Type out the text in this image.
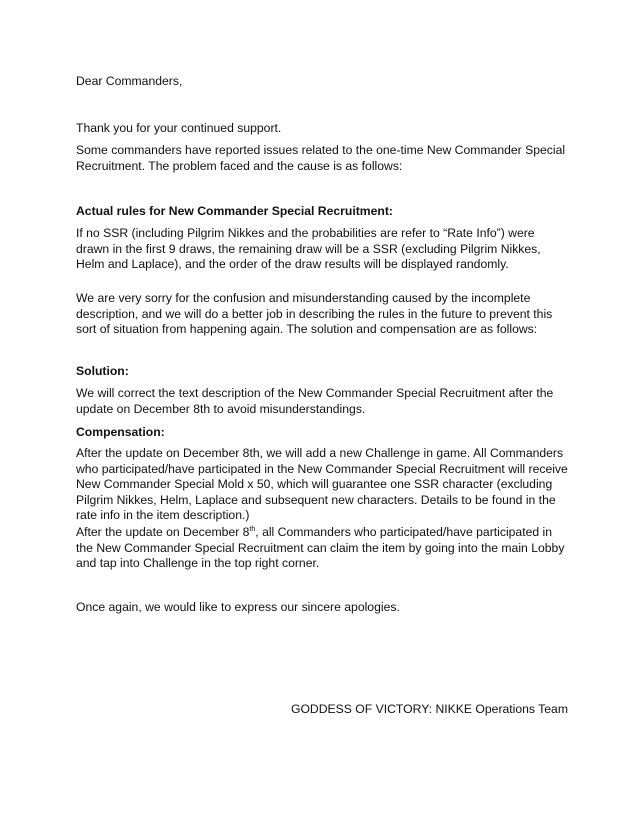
Dear Commanders,

Thank you for your continued support.

Some commanders have reported issues related to the one-time New Commander Special Recruitment. The problem faced and the cause is as follows:

Actual rules for New Commander Special Recruitment:

If no SSR (including Pilgrim Nikkes and the probabilities are refer to “Rate Info”) were drawn in the first 9 draws, the remaining draw will be a SSR (excluding Pilgrim Nikkes, Helm and Laplace), and the order of the draw results will be displayed randomly.

We are very sorry for the confusion and misunderstanding caused by the incomplete description, and we will do a better job in describing the rules in the future to prevent this sort of situation from happening again. The solution and compensation are as follows:

Solution:

We will correct the text description of the New Commander Special Recruitment after the update on December 8th to avoid misunderstandings.

Compensation:

After the update on December 8th, we will add a new Challenge in game. All Commanders who participated/have participated in the New Commander Special Recruitment will receive New Commander Special Mold x 50, which will guarantee one SSR character (excluding Pilgrim Nikkes, Helm, Laplace and subsequent new characters. Details to be found in the rate info in the item description.)

After the update on December 8th, all Commanders who participated/have participated in the New Commander Special Recruitment can claim the item by going into the main Lobby and tap into Challenge in the top right corner.

Once again, we would like to express our sincere apologies.

GODDESS OF VICTORY: NIKKE Operations Team
